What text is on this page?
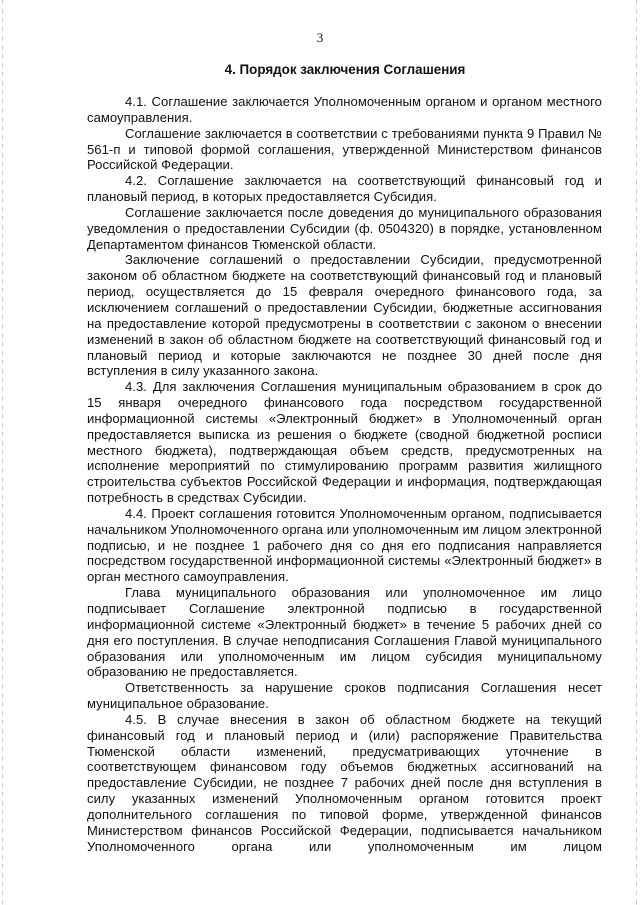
3
4. Порядок заключения Соглашения

4.1. Соглашение заключается Уполномоченным органом и органом местного самоуправления.

Соглашение заключается в соответствии с требованиями пункта 9 Правил № 561-п и типовой формой соглашения, утвержденной Министерством финансов Российской Федерации.

4.2. Соглашение заключается на соответствующий финансовый год и плановый период, в которых предоставляется Субсидия.

Соглашение заключается после доведения до муниципального образования уведомления о предоставлении Субсидии (ф. 0504320) в порядке, установленном Департаментом финансов Тюменской области.

Заключение соглашений о предоставлении Субсидии, предусмотренной законом об областном бюджете на соответствующий финансовый год и плановый период, осуществляется до 15 февраля очередного финансового года, за исключением соглашений о предоставлении Субсидии, бюджетные ассигнования на предоставление которой предусмотрены в соответствии с законом о внесении изменений в закон об областном бюджете на соответствующий финансовый год и плановый период и которые заключаются не позднее 30 дней после дня вступления в силу указанного закона.

4.3. Для заключения Соглашения муниципальным образованием в срок до 15 января очередного финансового года посредством государственной информационной системы «Электронный бюджет» в Уполномоченный орган предоставляется выписка из решения о бюджете (сводной бюджетной росписи местного бюджета), подтверждающая объем средств, предусмотренных на исполнение мероприятий по стимулированию программ развития жилищного строительства субъектов Российской Федерации и информация, подтверждающая потребность в средствах Субсидии.

4.4. Проект соглашения готовится Уполномоченным органом, подписывается начальником Уполномоченного органа или уполномоченным им лицом электронной подписью, и не позднее 1 рабочего дня со дня его подписания направляется посредством государственной информационной системы «Электронный бюджет» в орган местного самоуправления.

Глава муниципального образования или уполномоченное им лицо подписывает Соглашение электронной подписью в государственной информационной системе «Электронный бюджет» в течение 5 рабочих дней со дня его поступления. В случае неподписания Соглашения Главой муниципального образования или уполномоченным им лицом субсидия муниципальному образованию не предоставляется.

Ответственность за нарушение сроков подписания Соглашения несет муниципальное образование.

4.5. В случае внесения в закон об областном бюджете на текущий финансовый год и плановый период и (или) распоряжение Правительства Тюменской области изменений, предусматривающих уточнение в соответствующем финансовом году объемов бюджетных ассигнований на предоставление Субсидии, не позднее 7 рабочих дней после дня вступления в силу указанных изменений Уполномоченным органом готовится проект дополнительного соглашения по типовой форме, утвержденной финансов Министерством финансов Российской Федерации, подписывается начальником Уполномоченного органа или уполномоченным им лицом
